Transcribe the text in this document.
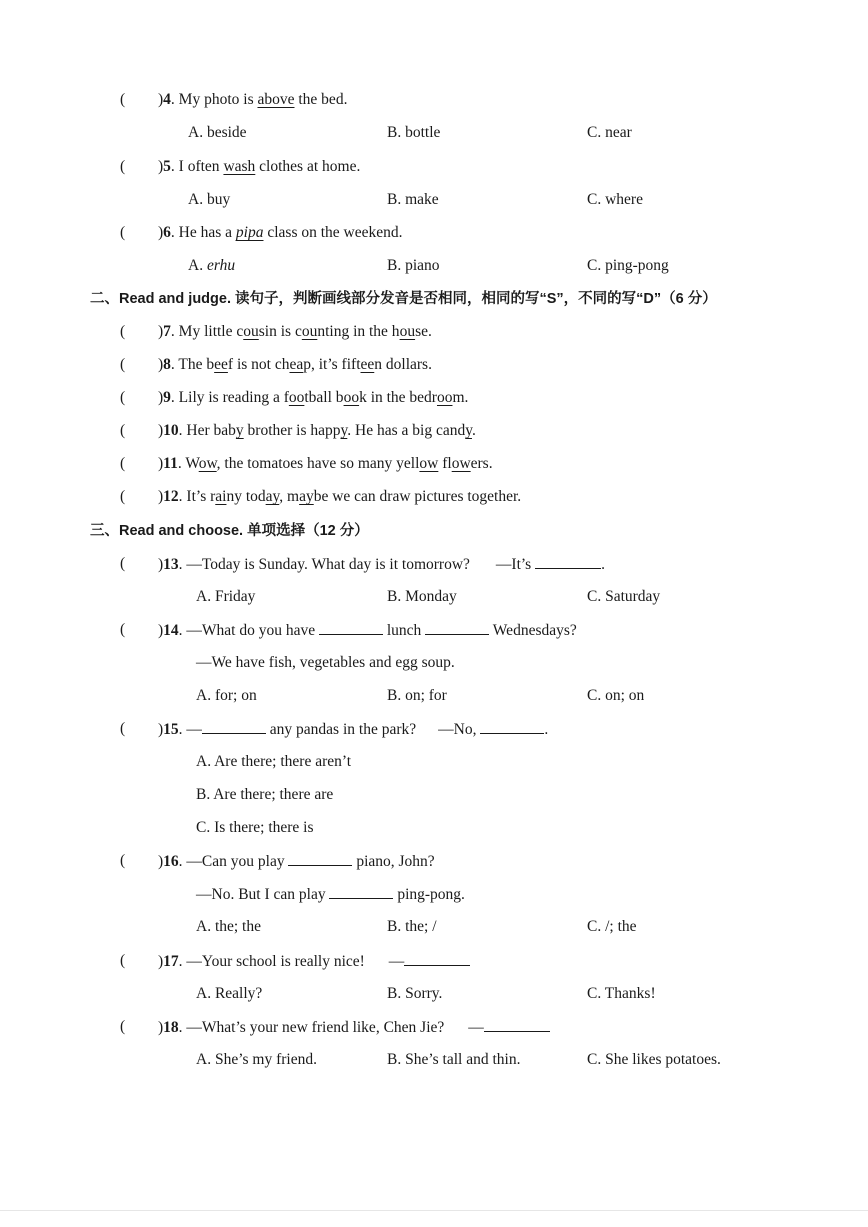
( )4. My photo is above the bed.
A. beside	B. bottle	C. near
( )5. I often wash clothes at home.
A. buy	B. make	C. where
( )6. He has a pipa class on the weekend.
A. erhu	B. piano	C. ping-pong
二、Read and judge. 读句子，判断画线部分发音是否相同，相同的写“S”，不同的写“D”（6 分）
( )7. My little cousin is counting in the house.
( )8. The beef is not cheap, it’s fifteen dollars.
( )9. Lily is reading a football book in the bedroom.
( )10. Her baby brother is happy. He has a big candy.
( )11. Wow, the tomatoes have so many yellow flowers.
( )12. It’s rainy today, maybe we can draw pictures together.
三、Read and choose. 单项选择（12 分）
(	)13. —Today is Sunday. What day is it tomorrow? —It’s	.
A. Friday	B. Monday	C. Saturday
( )14. —What do you have	lunch	Wednesdays?
—We have fish, vegetables and egg soup.
A. for; on	B. on; for	C. on; on
( )15. —	any pandas in the park? —No,	.
A. Are there; there aren’t
B. Are there; there are
C. Is there; there is
( )16. —Can you play	piano, John?
—No. But I can play	ping-pong.
A. the; the	B. the; /	C. /; the
( )17. —Your school is really nice! —
A. Really?	B. Sorry.	C. Thanks!
( )18. —What’s your new friend like, Chen Jie? —
A. She’s my friend.	B. She’s tall and thin.	C. She likes potatoes.
